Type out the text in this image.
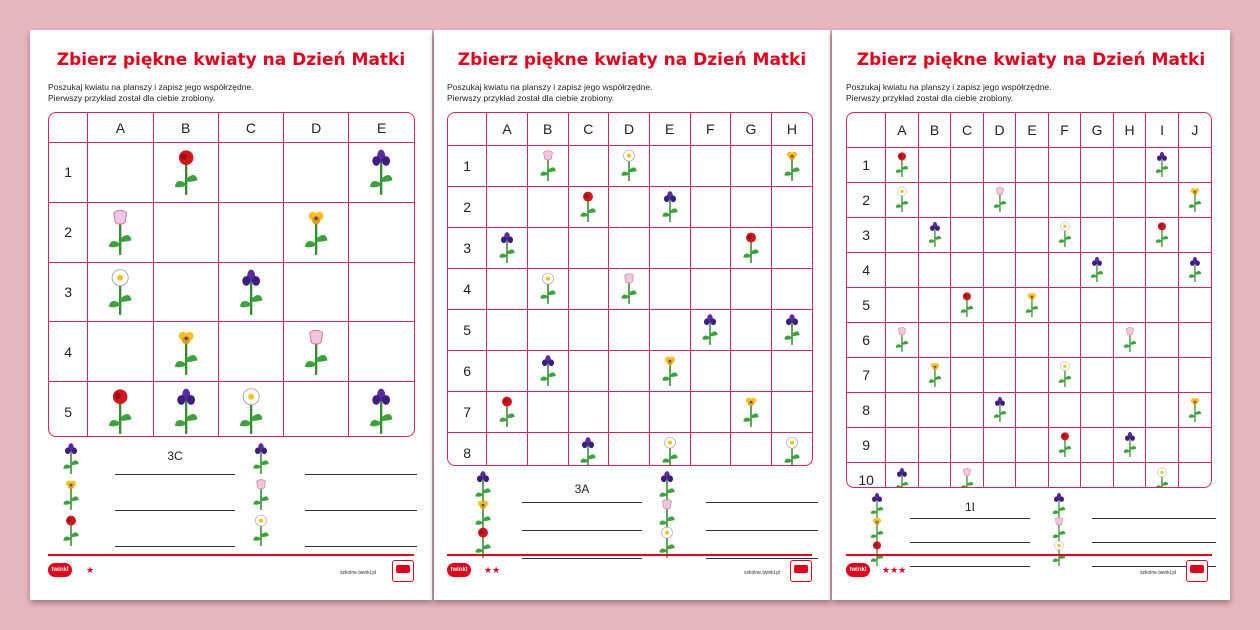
Zbierz piękne kwiaty na Dzień Matki
Poszukaj kwiatu na planszy i zapisz jego współrzędne.
Pierwszy przykład został dla ciebie zrobiony.
	A	B	C	D	E
1					
2					
3					
4					
5					
3C
twinkl	★	szkolne.twinkl.pl
Zbierz piękne kwiaty na Dzień Matki
Poszukaj kwiatu na planszy i zapisz jego współrzędne.
Pierwszy przykład został dla ciebie zrobiony.
	A	B	C	D	E	F	G	H
1								
2								
3								
4								
5								
6								
7								
8								
3A
twinkl	★★	szkolne.twinkl.pl
Zbierz piękne kwiaty na Dzień Matki
Poszukaj kwiatu na planszy i zapisz jego współrzędne.
Pierwszy przykład został dla ciebie zrobiony.
	A	B	C	D	E	F	G	H	I	J
1										
2										
3										
4										
5										
6										
7										
8										
9										
10										
1I
twinkl	★★★	szkolne.twinkl.pl
